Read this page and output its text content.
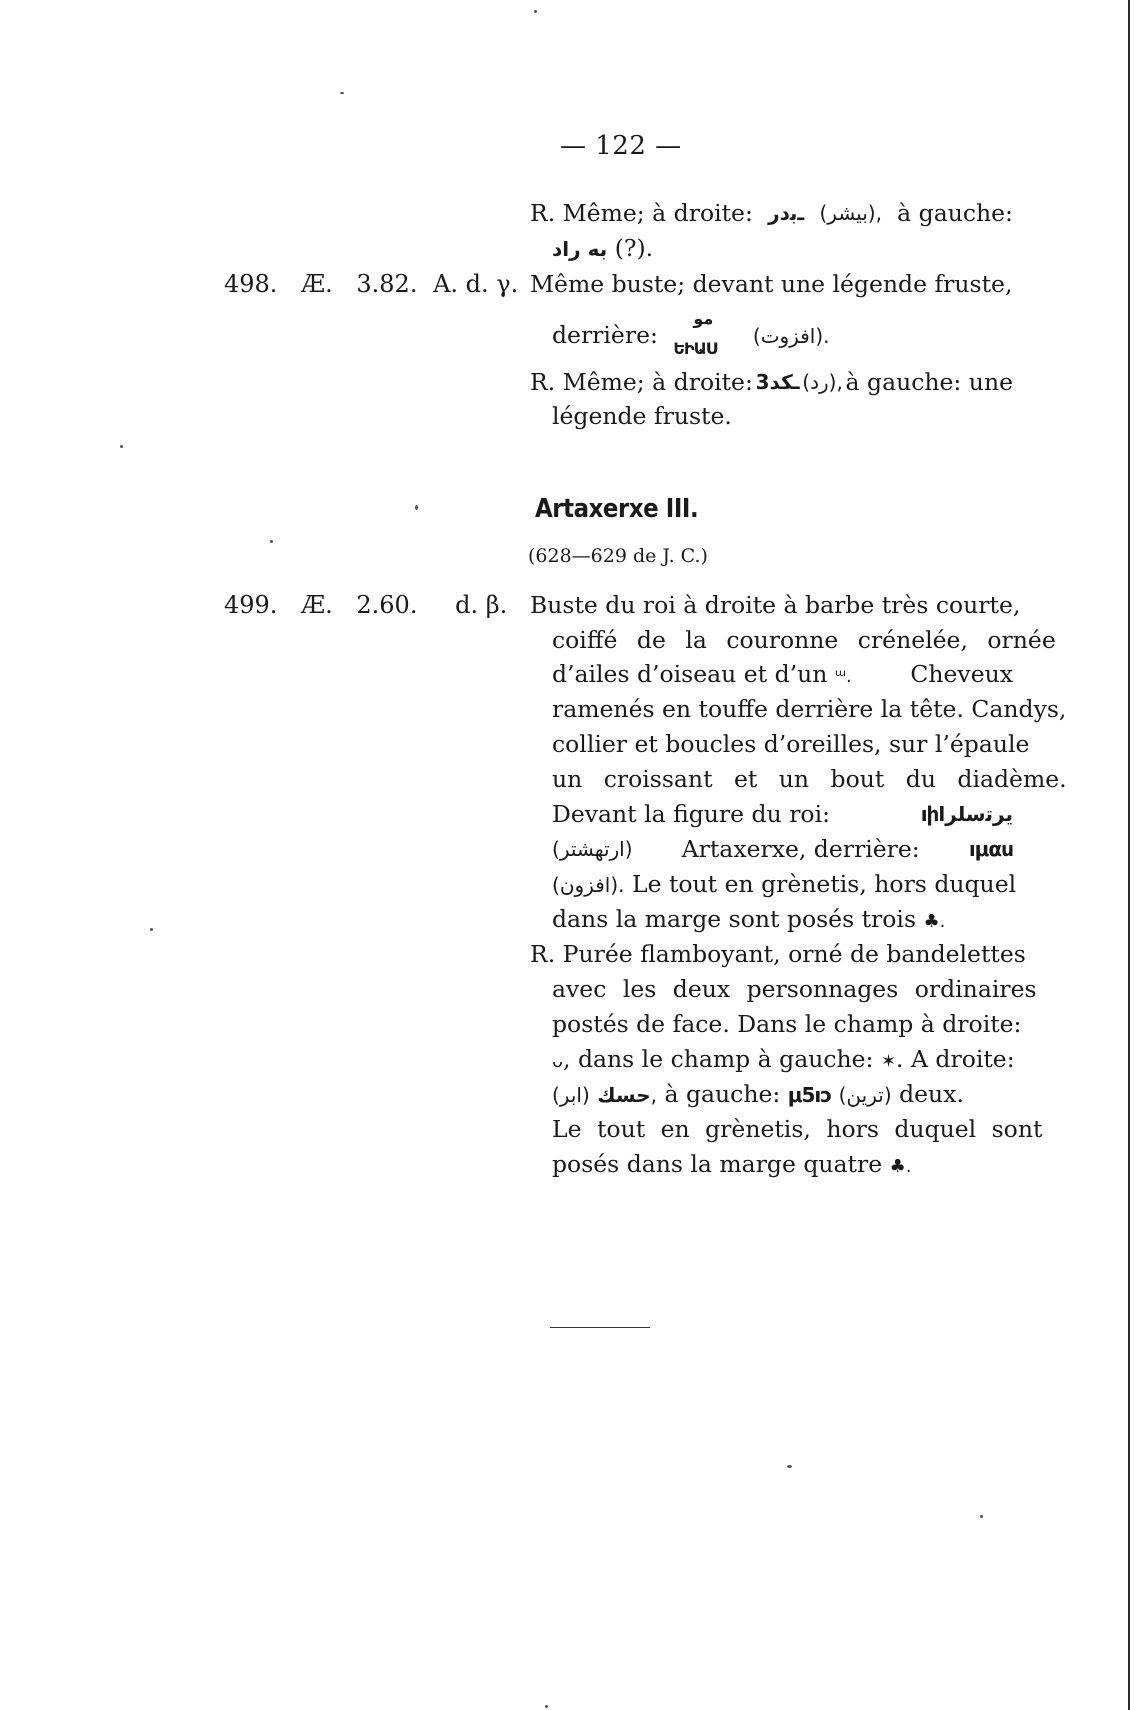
— 122 —
R. Même; à droite: ـﺑﺩﺭ (بيشر), à gauche:
ﺑﻪ ﺭﺍﺩ (?).
498. Æ. 3.82. A. d. γ. Même buste; devant une légende fruste,
derrière:
ﻣﻮ
ԵԻԱՍ (افزوت).
R. Même; à droite: ـﻜﺪ3 (رد), à gauche: une
légende fruste.
Artaxerxe III.
(628—629 de J. C.)
499. Æ. 2.60. d. β. Buste du roi à droite à barbe très courte,
coiffé de la couronne crénelée, ornée
d’ailes d’oiseau et d’un ᵚ. Cheveux
ramenés en touffe derrière la tête. Candys,
collier et boucles d’oreilles, sur l’épaule
un croissant et un bout du diadème.
Devant la figure du roi:	ıիﯾﺮﺗﺳﻠﺮﺍ
(ارتهشتر) Artaxerxe, derrière: ıμαս
(افزون). Le tout en grènetis, hors duquel
dans la marge sont posés trois ♣.
R. Purée flamboyant, orné de bandelettes
avec les deux personnages ordinaires
postés de face. Dans le champ à droite:
ᴗ, dans le champ à gauche: ✶. A droite:
ﺣﺴﻚ (ابر), à gauche: μ5ıɔ (ترين) deux.
Le tout en grènetis, hors duquel sont
posés dans la marge quatre ♣.
